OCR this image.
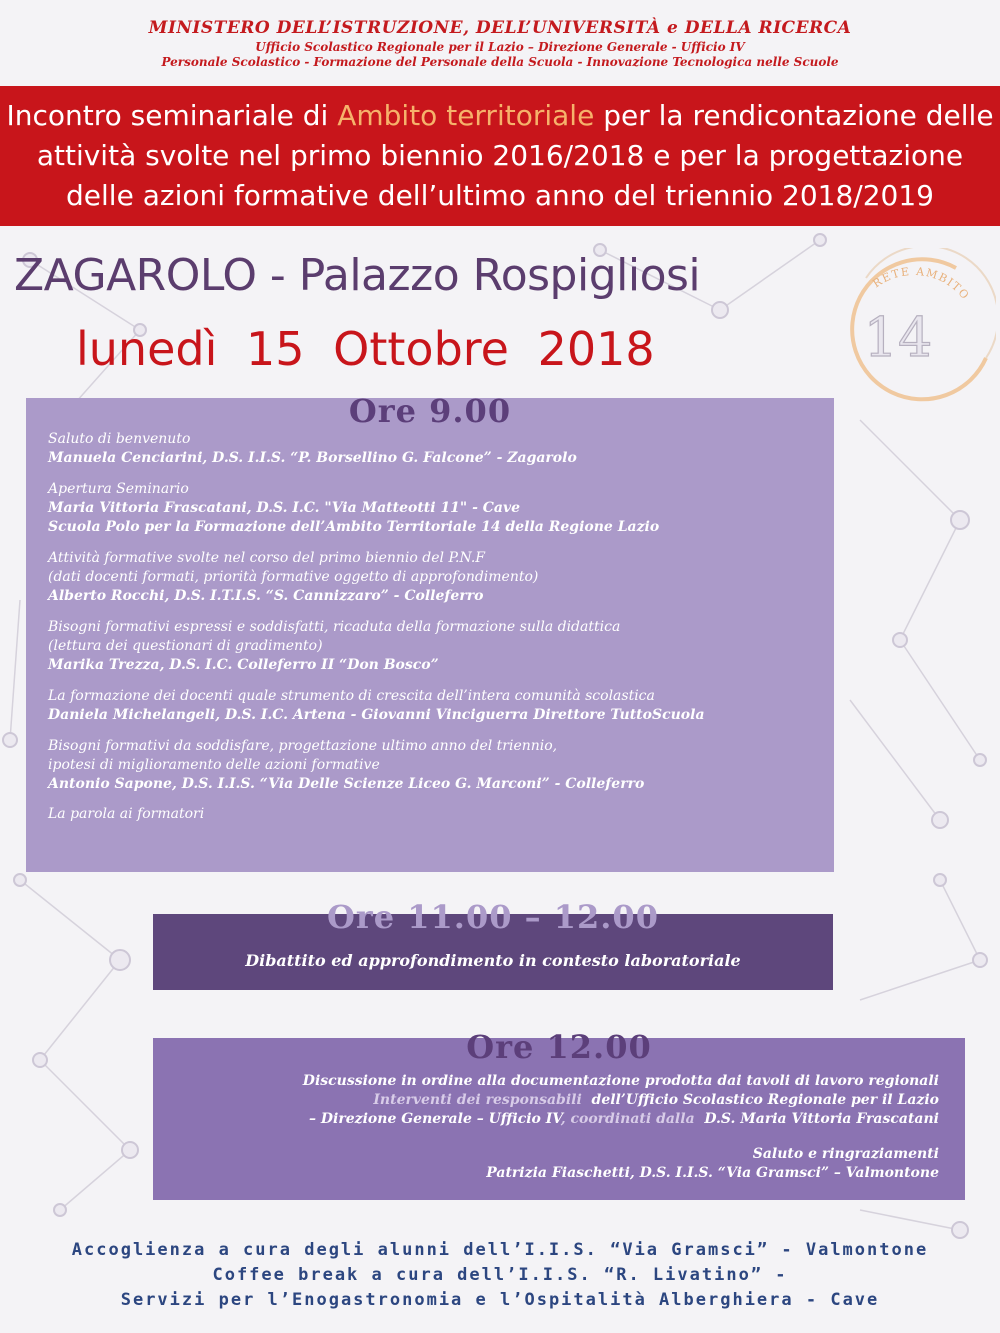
MINISTERO DELL’ISTRUZIONE, DELL’UNIVERSITÀ e DELLA RICERCA
Ufficio Scolastico Regionale per il Lazio – Direzione Generale - Ufficio IV
Personale Scolastico - Formazione del Personale della Scuola - Innovazione Tecnologica nelle Scuole
Incontro seminariale di Ambito territoriale per la rendicontazione delle
attività svolte nel primo biennio 2016/2018 e per la progettazione
delle azioni formative dell’ultimo anno del triennio 2018/2019
ZAGAROLO - Palazzo Rospigliosi
lunedì 15 Ottobre 2018
RETE AMBITO
14
Ore 9.00
Saluto di benvenuto
Manuela Cenciarini, D.S. I.I.S. “P. Borsellino G. Falcone” - Zagarolo
Apertura Seminario
Maria Vittoria Frascatani, D.S. I.C. "Via Matteotti 11" - Cave
Scuola Polo per la Formazione dell’Ambito Territoriale 14 della Regione Lazio
Attività formative svolte nel corso del primo biennio del P.N.F
(dati docenti formati, priorità formative oggetto di approfondimento)
Alberto Rocchi, D.S. I.T.I.S. “S. Cannizzaro” - Colleferro
Bisogni formativi espressi e soddisfatti, ricaduta della formazione sulla didattica
(lettura dei questionari di gradimento)
Marika Trezza, D.S. I.C. Colleferro II “Don Bosco”
La formazione dei docenti quale strumento di crescita dell’intera comunità scolastica
Daniela Michelangeli, D.S. I.C. Artena - Giovanni Vinciguerra Direttore TuttoScuola
Bisogni formativi da soddisfare, progettazione ultimo anno del triennio,
ipotesi di miglioramento delle azioni formative
Antonio Sapone, D.S. I.I.S. “Via Delle Scienze Liceo G. Marconi” - Colleferro
La parola ai formatori
Ore 11.00 – 12.00
Dibattito ed approfondimento in contesto laboratoriale
Ore 12.00
Discussione in ordine alla documentazione prodotta dai tavoli di lavoro regionali
Interventi dei responsabili dell’Ufficio Scolastico Regionale per il Lazio
– Direzione Generale – Ufficio IV, coordinati dalla D.S. Maria Vittoria Frascatani
Saluto e ringraziamenti
Patrizia Fiaschetti, D.S. I.I.S. “Via Gramsci” – Valmontone
Accoglienza a cura degli alunni dell’I.I.S. “Via Gramsci” - Valmontone
Coffee break a cura dell’I.I.S. “R. Livatino” -
Servizi per l’Enogastronomia e l’Ospitalità Alberghiera - Cave
